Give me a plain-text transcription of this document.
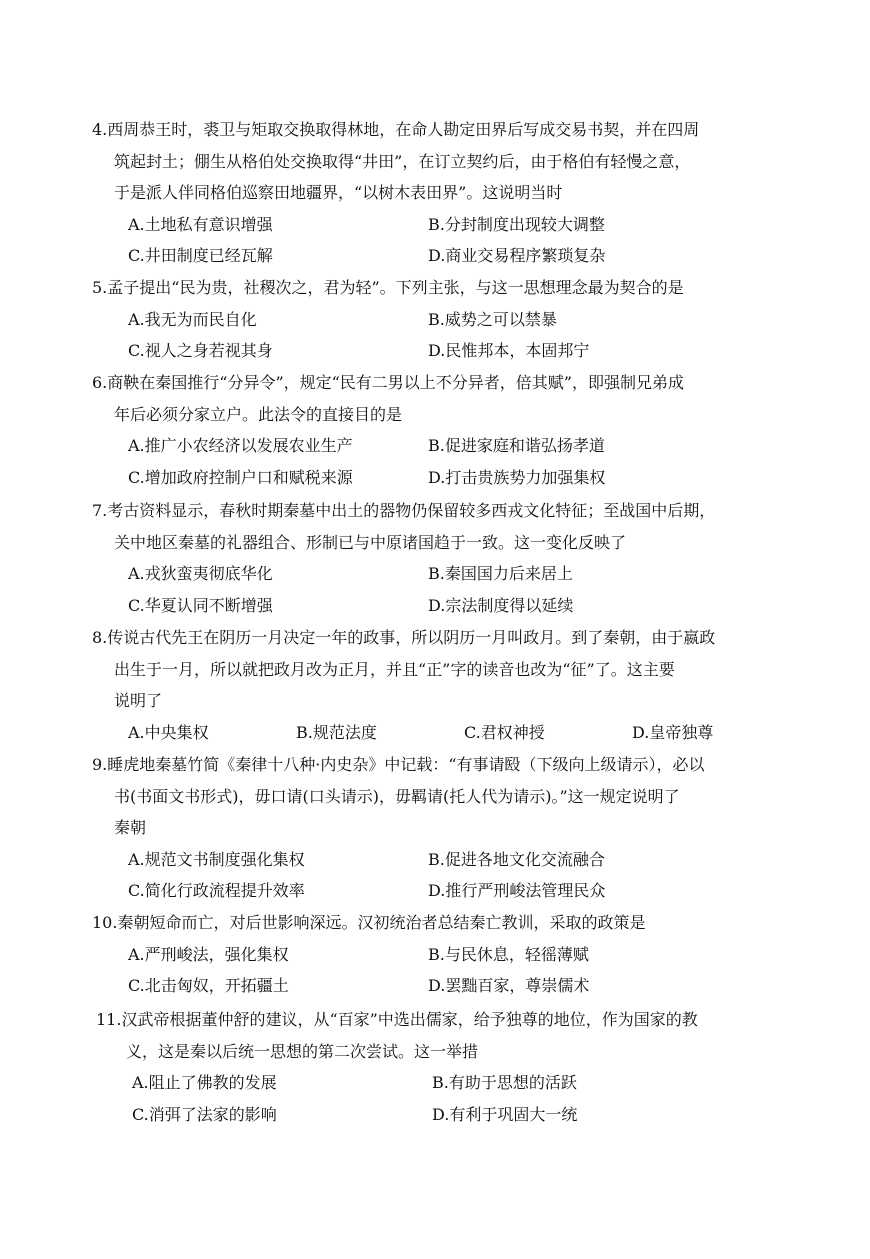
4.西周恭王时，裘卫与矩取交换取得林地，在命人勘定田界后写成交易书契，并在四周
筑起封土；倗生从格伯处交换取得“井田”，在订立契约后，由于格伯有轻慢之意，
于是派人伴同格伯巡察田地疆界，“以树木表田界”。这说明当时
A.土地私有意识增强	B.分封制度出现较大调整
C.井田制度已经瓦解	D.商业交易程序繁琐复杂
5.孟子提出“民为贵，社稷次之，君为轻”。下列主张，与这一思想理念最为契合的是
A.我无为而民自化	B.威势之可以禁暴
C.视人之身若视其身	D.民惟邦本，本固邦宁
6.商鞅在秦国推行“分异令”，规定“民有二男以上不分异者，倍其赋”，即强制兄弟成
年后必须分家立户。此法令的直接目的是
A.推广小农经济以发展农业生产	B.促进家庭和谐弘扬孝道
C.增加政府控制户口和赋税来源	D.打击贵族势力加强集权
7.考古资料显示，春秋时期秦墓中出土的器物仍保留较多西戎文化特征；至战国中后期，
关中地区秦墓的礼器组合、形制已与中原诸国趋于一致。这一变化反映了
A.戎狄蛮夷彻底华化	B.秦国国力后来居上
C.华夏认同不断增强	D.宗法制度得以延续
8.传说古代先王在阴历一月决定一年的政事，所以阴历一月叫政月。到了秦朝，由于嬴政
出生于一月，所以就把政月改为正月，并且“正”字的读音也改为“征”了。这主要
说明了
A.中央集权	B.规范法度	C.君权神授	D.皇帝独尊
9.睡虎地秦墓竹简《秦律十八种·内史杂》中记载：“有事请殹（下级向上级请示），必以
书(书面文书形式)，毋口请(口头请示)，毋羁请(托人代为请示)。”这一规定说明了
秦朝
A.规范文书制度强化集权	B.促进各地文化交流融合
C.简化行政流程提升效率	D.推行严刑峻法管理民众
10.秦朝短命而亡，对后世影响深远。汉初统治者总结秦亡教训，采取的政策是
A.严刑峻法，强化集权	B.与民休息，轻徭薄赋
C.北击匈奴，开拓疆土	D.罢黜百家，尊崇儒术
11.汉武帝根据董仲舒的建议，从“百家”中选出儒家，给予独尊的地位，作为国家的教
义，这是秦以后统一思想的第二次尝试。这一举措
A.阻止了佛教的发展	B.有助于思想的活跃
C.消弭了法家的影响	D.有利于巩固大一统
